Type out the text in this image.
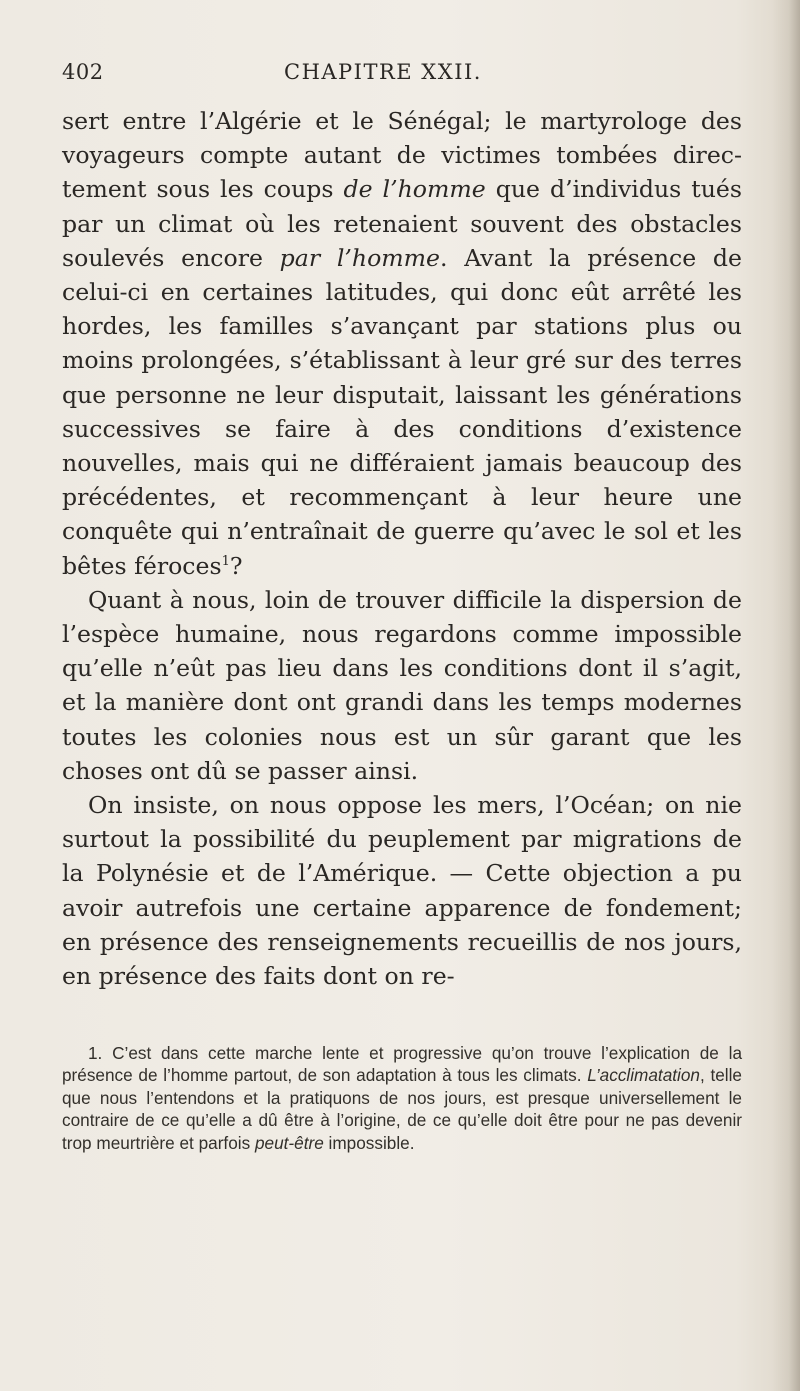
402	CHAPITRE XXII.

sert entre l’Algérie et le Sénégal; le martyrologe des voyageurs compte autant de victimes tombées directement sous les coups de l’homme que d’individus tués par un climat où les retenaient souvent des obstacles soulevés encore par l’homme. Avant la présence de celui-ci en certaines latitudes, qui donc eût arrêté les hordes, les familles s’avançant par stations plus ou moins prolongées, s’établissant à leur gré sur des terres que personne ne leur disputait, laissant les générations successives se faire à des conditions d’existence nouvelles, mais qui ne différaient jamais beaucoup des précédentes, et recommençant à leur heure une conquête qui n’entraînait de guerre qu’avec le sol et les bêtes féroces$^1$?

Quant à nous, loin de trouver difficile la dispersion de l’espèce humaine, nous regardons comme impossible qu’elle n’eût pas lieu dans les conditions dont il s’agit, et la manière dont ont grandi dans les temps modernes toutes les colonies nous est un sûr garant que les choses ont dû se passer ainsi.

On insiste, on nous oppose les mers, l’Océan; on nie surtout la possibilité du peuplement par migrations de la Polynésie et de l’Amérique. — Cette objection a pu avoir autrefois une certaine apparence de fondement; en présence des renseignements recueillis de nos jours, en présence des faits dont on re-

1. C’est dans cette marche lente et progressive qu’on trouve l’explication de la présence de l’homme partout, de son adaptation à tous les climats. L’acclimatation, telle que nous l’entendons et la pratiquons de nos jours, est presque universellement le contraire de ce qu’elle a dû être à l’origine, de ce qu’elle doit être pour ne pas devenir trop meurtrière et parfois peut-être impossible.
